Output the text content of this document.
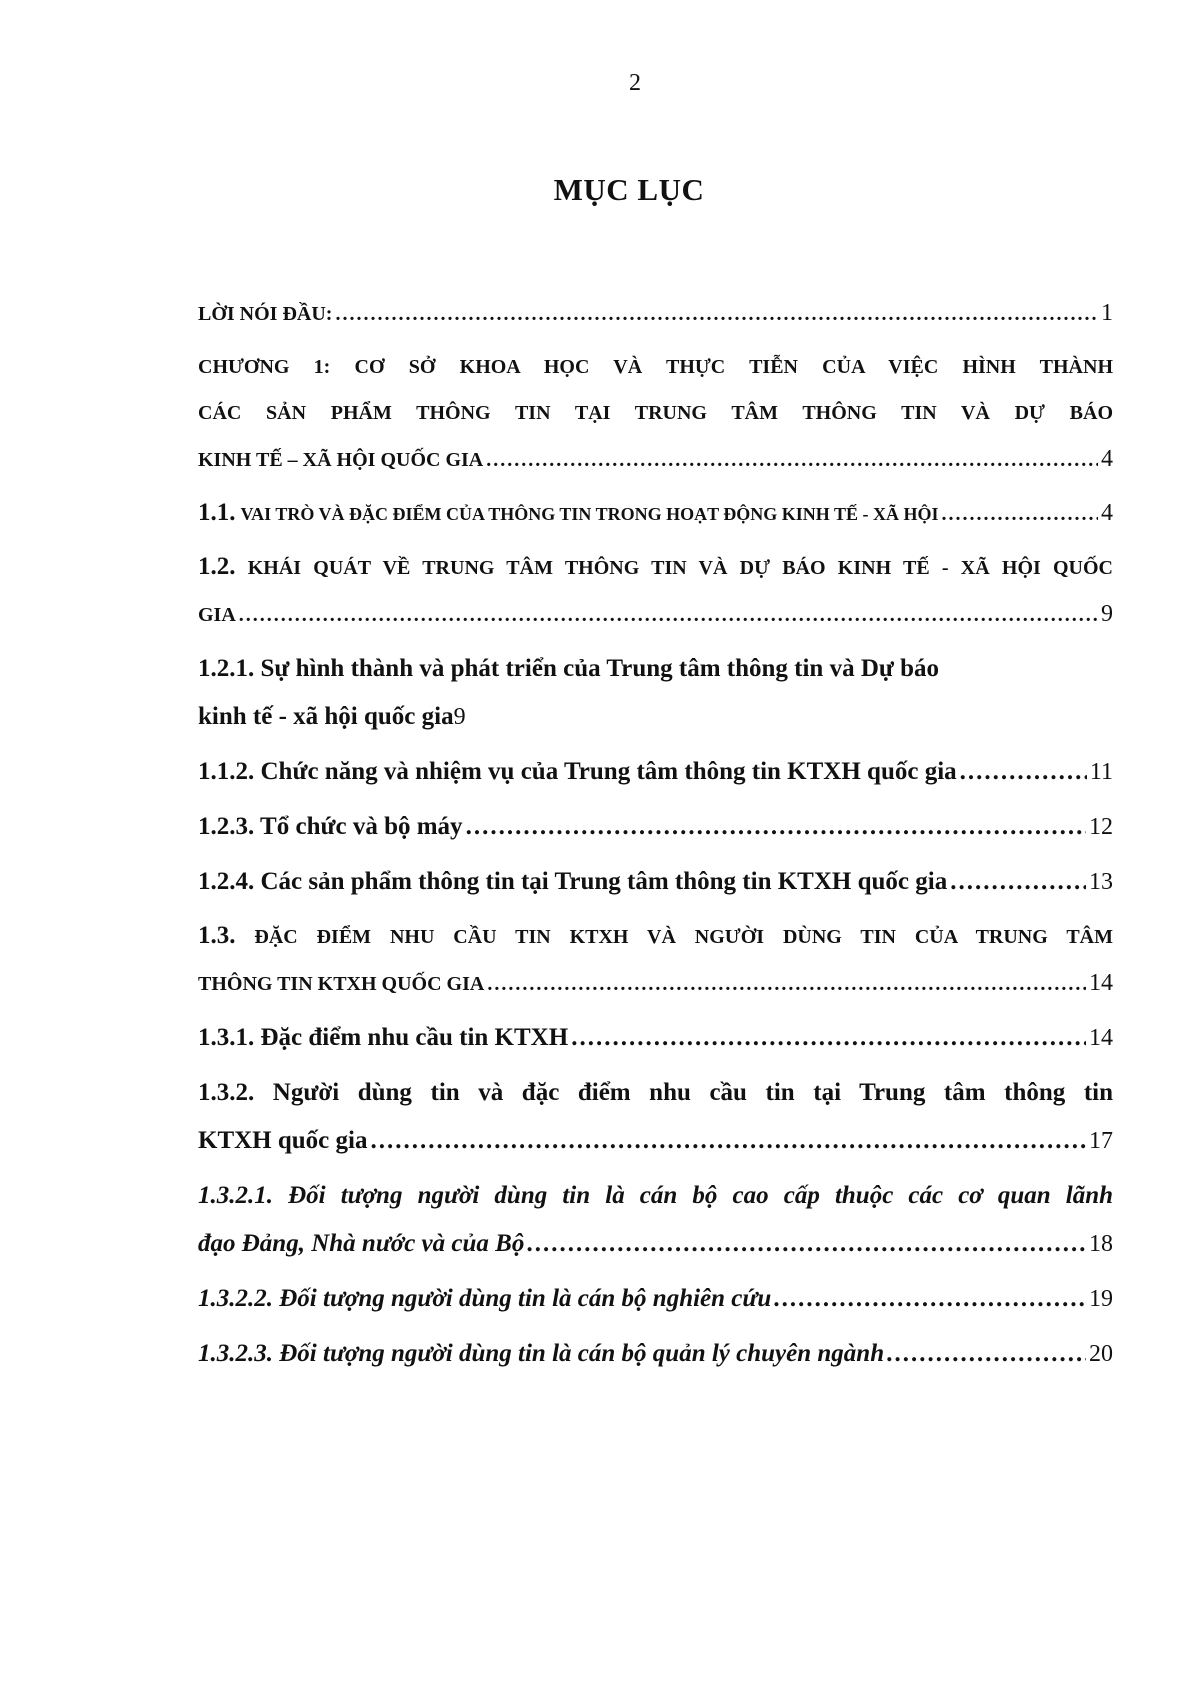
2
MỤC LỤC
LỜI NÓI ĐẦU: .....	1
CHƯƠNG 1: CƠ SỞ KHOA HỌC VÀ THỰC TIỄN CỦA VIỆC HÌNH THÀNH
CÁC SẢN PHẨM THÔNG TIN TẠI TRUNG TÂM THÔNG TIN VÀ DỰ BÁO
KINH TẾ – XÃ HỘI QUỐC GIA .....	4
1.1. VAI TRÒ VÀ ĐẶC ĐIỂM CỦA THÔNG TIN TRONG HOẠT ĐỘNG KINH TẾ - XÃ HỘI .....	4
1.2. KHÁI QUÁT VỀ TRUNG TÂM THÔNG TIN VÀ DỰ BÁO KINH TẾ - XÃ HỘI QUỐC
GIA .....	9
1.2.1. Sự hình thành và phát triển của Trung tâm thông tin và Dự báo
kinh tế - xã hội quốc gia9
1.1.2. Chức năng và nhiệm vụ của Trung tâm thông tin KTXH quốc gia .....	11
1.2.3. Tổ chức và bộ máy .....	12
1.2.4. Các sản phẩm thông tin tại Trung tâm thông tin KTXH quốc gia .....	13
1.3. ĐẶC ĐIỂM NHU CẦU TIN KTXH VÀ NGƯỜI DÙNG TIN CỦA TRUNG TÂM
THÔNG TIN KTXH QUỐC GIA .....	14
1.3.1. Đặc điểm nhu cầu tin KTXH .....	14
1.3.2. Người dùng tin và đặc điểm nhu cầu tin tại Trung tâm thông tin
KTXH quốc gia .....	17
1.3.2.1. Đối tượng người dùng tin là cán bộ cao cấp thuộc các cơ quan lãnh
đạo Đảng, Nhà nước và của Bộ .....	18
1.3.2.2. Đối tượng người dùng tin là cán bộ nghiên cứu .....	19
1.3.2.3. Đối tượng người dùng tin là cán bộ quản lý chuyên ngành .....	20
